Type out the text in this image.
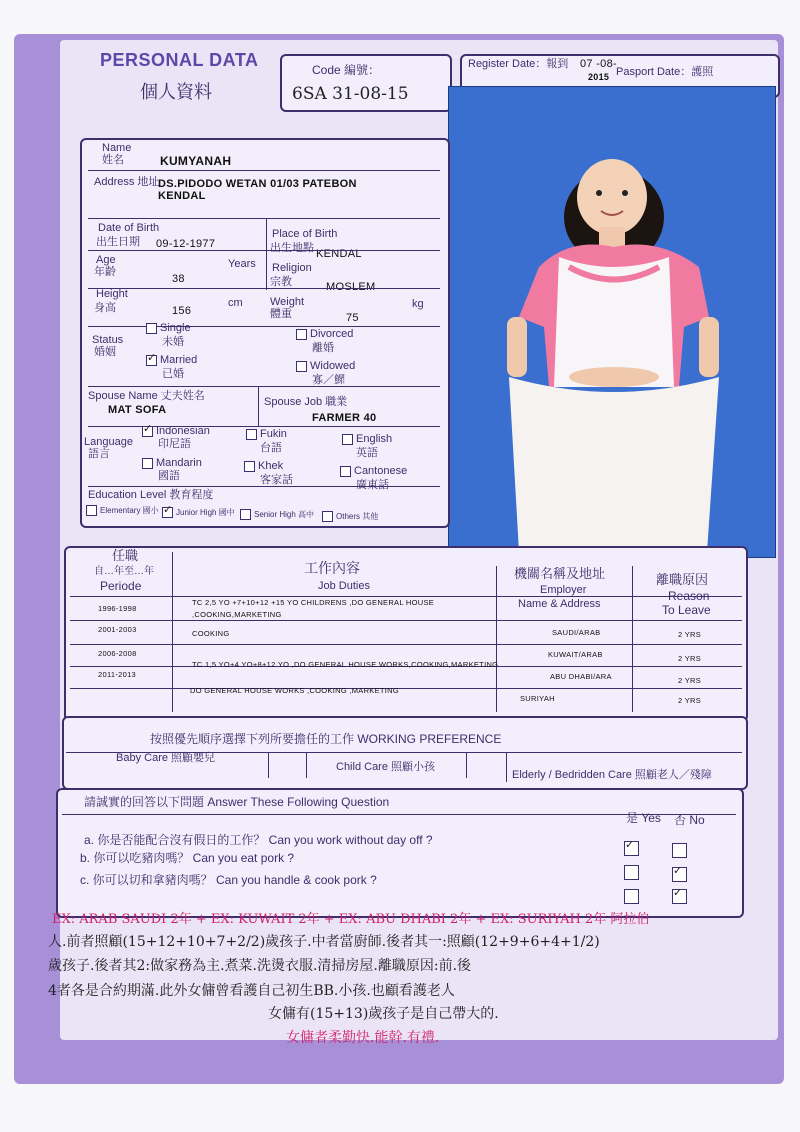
PERSONAL DATA
個人資料
Code 編號：
6SA 31-08-15
Register Date：報到 07 -08-
2015 Pasport Date：護照
Name
姓名	KUMYANAH
Address 地址
DS.PIDODO WETAN 01/03 PATEBON
KENDAL
Date of Birth
出生日期 09-12-1977
Place of Birth
出生地點 KENDAL
Age
年齡
38
Years Religion
宗教	MOSLEM
Height
身高	156
cm Weight
體重	75
kg
Status
婚姻
Single
未婚
✓Married
已婚
Divorced
離婚
Widowed
寡／鰥
Spouse Name 丈夫姓名
MAT SOFA
Spouse Job 職業
FARMER 40
Language
語言
✓Indonesian
印尼語
Mandarin
國語
Fukin
台語
Khek
客家話
English
英語
Cantonese
廣東話
Education Level 教育程度
Elementary 國小
✓	Junior High 國中	Senior High 高中	Others 其他
任職
自…年至…年
Periode
工作內容
Job Duties
機關名稱及地址
Employer
Name & Address
離職原因
Reason
To Leave
1996-1998
TC 2,5 YO +7+10+12 +15 YO CHILDRENS ,DO GENERAL HOUSE
,COOKING,MARKETING
2001-2003	COOKING	SAUDI/ARAB	2 YRS
2006-2008
TC 1,5 YO+4 YO+8+12 YO ,DO GENERAL HOUSE WORKS,COOKING,MARKETING
KUWAIT/ARAB	2 YRS
2011-2013
DO GENERAL HOUSE WORKS ,COOKING ,MARKETING
ABU DHABI/ARA	2 YRS
SURIYAH	2 YRS
按照優先順序選擇下列所要擔任的工作 WORKING PREFERENCE
Baby Care 照顧嬰兒
Child Care 照顧小孩
Elderly / Bedridden Care 照顧老人／殘障
請誠實的回答以下問題 Answer These Following Question
是 Yes 否 No
a. 你是否能配合沒有假日的工作？ Can you work without day off ?
b. 你可以吃豬肉嗎？ Can you eat pork ?
c. 你可以切和拿豬肉嗎？ Can you handle & cook pork ?
✓
✓
✓
EX: ARAB SAUDI 2年 + EX: KUWAIT 2年 + EX: ABU DHABI 2年 + EX: SURIYAH 2年 阿拉伯
人.前者照顧(15+12+10+7+2/2)歲孩子.中者當廚師.後者其一:照顧(12+9+6+4+1/2)
歲孩子.後者其2:做家務為主.煮菜.洗燙衣服.清掃房屋.離職原因:前.後
4者各是合約期滿.此外女傭曾看護自己初生BB.小孩.也顧看護老人
女傭有(15+13)歲孩子是自己帶大的.
女傭者柔勤快.能幹.有禮.
